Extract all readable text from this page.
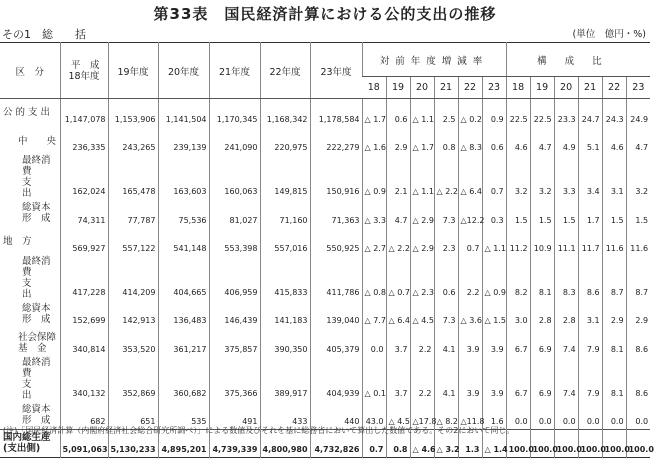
第33表　国民経済計算における公的支出の推移
その1　総　　括	(単位　億円・%)
区　分	平　成
18年度	19年度	20年度	21年度	22年度	23年度	対前年度増減率						構成比					
							18	19	20	21	22	23	18	19	20	21	22	23
公 的 支 出	1,147,078	1,153,906	1,141,504	1,170,345	1,168,342	1,178,584	△ 1.7	0.6	△ 1.1	2.5	△ 0.2	0.9	22.5	22.5	23.3	24.7	24.3	24.9
中　　央	236,335	243,265	239,139	241,090	220,975	222,279	△ 1.6	2.9	△ 1.7	0.8	△ 8.3	0.6	4.6	4.7	4.9	5.1	4.6	4.7
最終消費
支　　出	162,024	165,478	163,603	160,063	149,815	150,916	△ 0.9	2.1	△ 1.1	△ 2.2	△ 6.4	0.7	3.2	3.2	3.3	3.4	3.1	3.2
総資本
形　成	74,311	77,787	75,536	81,027	71,160	71,363	△ 3.3	4.7	△ 2.9	7.3	△12.2	0.3	1.5	1.5	1.5	1.7	1.5	1.5
地　方	569,927	557,122	541,148	553,398	557,016	550,925	△ 2.7	△ 2.2	△ 2.9	2.3	0.7	△ 1.1	11.2	10.9	11.1	11.7	11.6	11.6
最終消費
支　　出	417,228	414,209	404,665	406,959	415,833	411,786	△ 0.8	△ 0.7	△ 2.3	0.6	2.2	△ 0.9	8.2	8.1	8.3	8.6	8.7	8.7
総資本
形　成	152,699	142,913	136,483	146,439	141,183	139,040	△ 7.7	△ 6.4	△ 4.5	7.3	△ 3.6	△ 1.5	3.0	2.8	2.8	3.1	2.9	2.9
社会保障
基　金	340,814	353,520	361,217	375,857	390,350	405,379	0.0	3.7	2.2	4.1	3.9	3.9	6.7	6.9	7.4	7.9	8.1	8.6
最終消費
支　　出	340,132	352,869	360,682	375,366	389,917	404,939	△ 0.1	3.7	2.2	4.1	3.9	3.9	6.7	6.9	7.4	7.9	8.1	8.6
総資本
形　成	682	651	535	491	433	440	43.0	△ 4.5	△17.8	△ 8.2	△11.8	1.6	0.0	0.0	0.0	0.0	0.0	0.0
国内総生産
(支出側)	5,091,063	5,130,233	4,895,201	4,739,339	4,800,980	4,732,826	0.7	0.8	△ 4.6	△ 3.2	1.3	△ 1.4	100.0	100.0	100.0	100.0	100.0	100.0
(注)「国民経済計算（内閣府経済社会総合研究所調べ）」による数値及びそれを基に総務省において算出した数値である。その2において同じ。
